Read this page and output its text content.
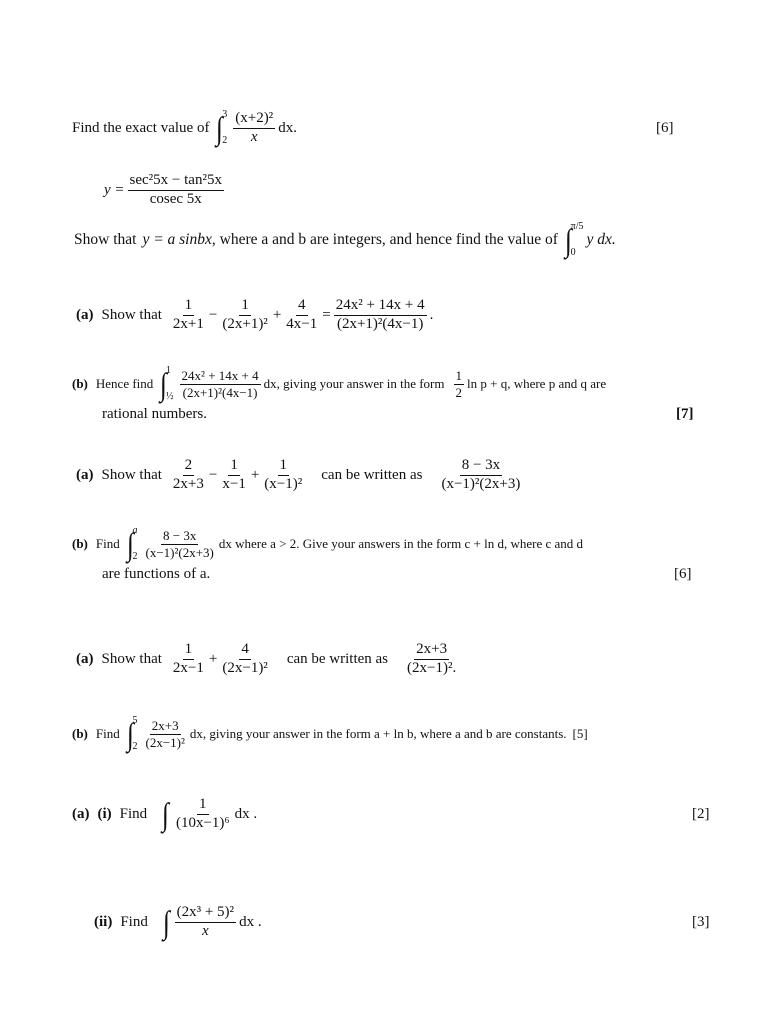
Find the exact value of ∫
3
$2 \frac{\text{(x+2)²}}{x}$ dx.	[6]
$y = \frac{\text{sec²5x − tan²5x}}{cosec 5x}$
Show that y = a sinbx , where a and b are integers, and hence find the value of ∫
π/5
0
y dx.
(a) Show that $\frac{1}{2x+1} - \frac{1}{\text{(2x+1)²}} + \frac{4}{4x-1} = \frac{\text{24x² + 14x + 4}}{\text{(2x+1)²(4x−1)}}$ .
(b) Hence find ∫
1
½ $\frac{\text{24x² + 14x + 4}}{\text{(2x+1)²(4x−1)}}$ dx, giving your answer in the form $\frac{1}{2}$ ln p + q, where p and q are
rational numbers.	[7]
(a) Show that $\frac{2}{2x+3} - \frac{1}{x-1} + \frac{1}{\text{(x−1)²}}$ can be written as $\frac{8 - 3x}{\text{(x−1)²(2x+3)}}$
(b) Find ∫
a
$2 \frac{8 - 3x}{\text{(x−1)²(2x+3)}}$ dx where a > 2. Give your answers in the form c + ln d, where c and d
are functions of a.	[6]
(a) Show that $\frac{1}{2x-1} + \frac{4}{\text{(2x−1)²}}$ can be written as $\frac{2x+3}{\text{(2x−1)².}}$
(b) Find ∫
5
$2 \frac{2x+3}{\text{(2x−1)²}}$ dx, giving your answer in the form a + ln b, where a and b are constants. [5]
(a) (i) Find ∫ $\frac{1}{\text{(10x−1)⁶}}$ dx .	[2]
(ii) Find ∫ $\frac{\text{(2x³ + 5)²}}{x}$ dx .	[3]
